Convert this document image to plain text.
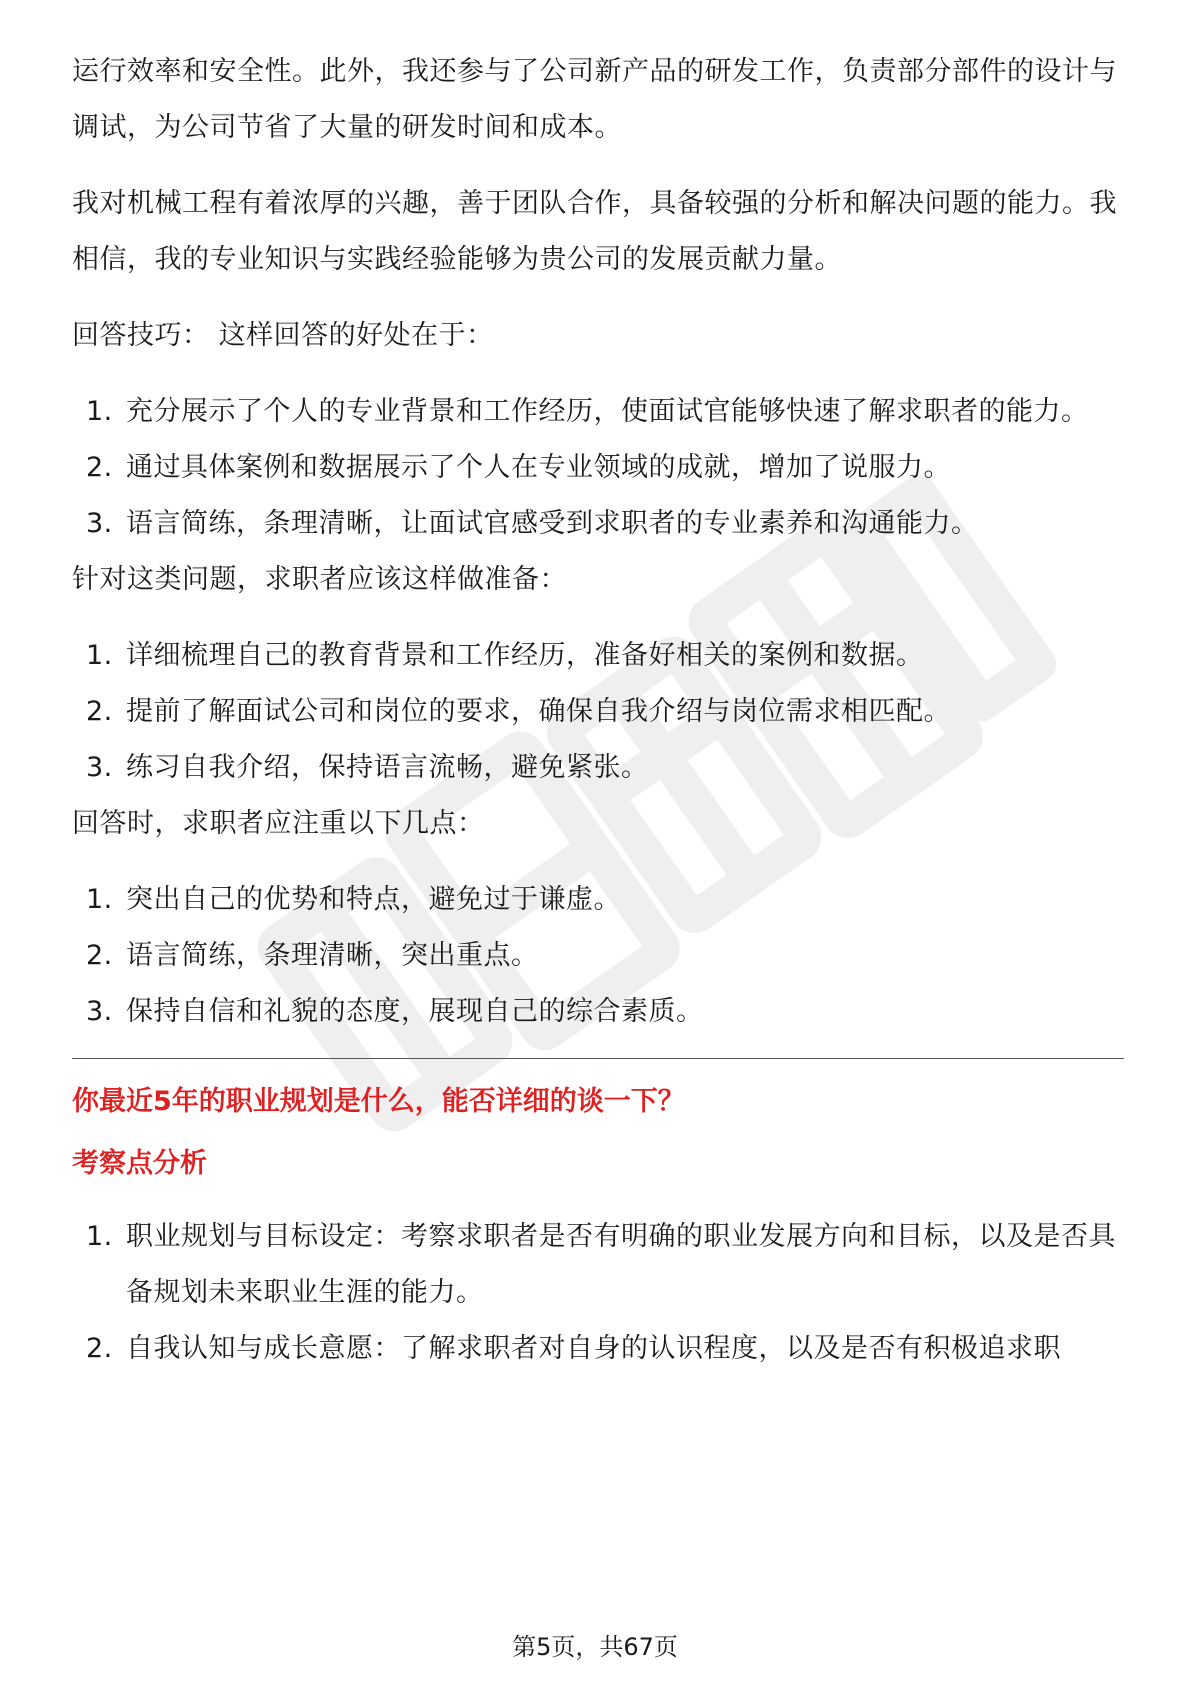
运行效率和安全性。此外，我还参与了公司新产品的研发工作，负责部分部件的设计与调试，为公司节省了大量的研发时间和成本。

我对机械工程有着浓厚的兴趣，善于团队合作，具备较强的分析和解决问题的能力。我相信，我的专业知识与实践经验能够为贵公司的发展贡献力量。

回答技巧： 这样回答的好处在于：

1. 充分展示了个人的专业背景和工作经历，使面试官能够快速了解求职者的能力。
2. 通过具体案例和数据展示了个人在专业领域的成就，增加了说服力。
3. 语言简练，条理清晰，让面试官感受到求职者的专业素养和沟通能力。

针对这类问题，求职者应该这样做准备：

1. 详细梳理自己的教育背景和工作经历，准备好相关的案例和数据。
2. 提前了解面试公司和岗位的要求，确保自我介绍与岗位需求相匹配。
3. 练习自我介绍，保持语言流畅，避免紧张。

回答时，求职者应注重以下几点：

1. 突出自己的优势和特点，避免过于谦虚。
2. 语言简练，条理清晰，突出重点。
3. 保持自信和礼貌的态度，展现自己的综合素质。

你最近5年的职业规划是什么，能否详细的谈一下？

考察点分析

1. 职业规划与目标设定：考察求职者是否有明确的职业发展方向和目标，以及是否具备规划未来职业生涯的能力。
2. 自我认知与成长意愿：了解求职者对自身的认识程度，以及是否有积极追求职
第5页，共67页
